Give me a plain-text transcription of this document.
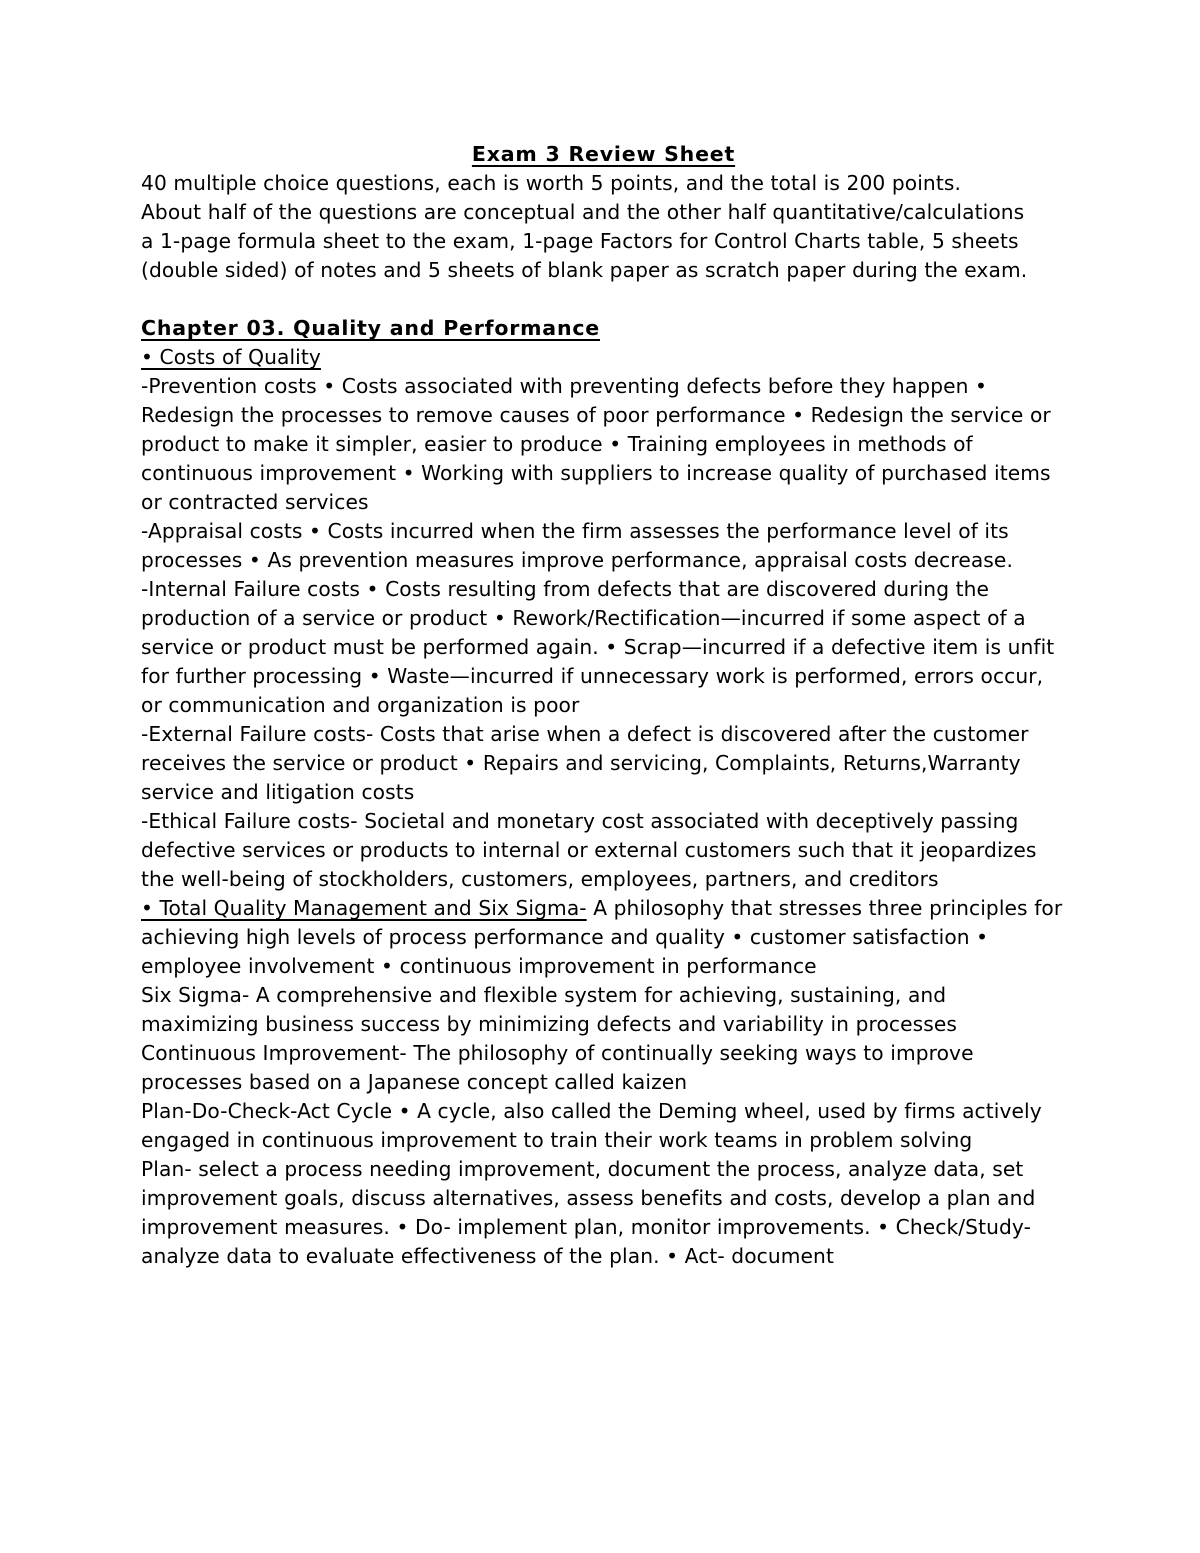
Exam 3 Review Sheet

40 multiple choice questions, each is worth 5 points, and the total is 200 points.

About half of the questions are conceptual and the other half quantitative/calculations

a 1-page formula sheet to the exam, 1-page Factors for Control Charts table, 5 sheets (double sided) of notes and 5 sheets of blank paper as scratch paper during the exam.

Chapter 03. Quality and Performance

• Costs of Quality

-Prevention costs • Costs associated with preventing defects before they happen • Redesign the processes to remove causes of poor performance • Redesign the service or product to make it simpler, easier to produce • Training employees in methods of continuous improvement • Working with suppliers to increase quality of purchased items or contracted services

-Appraisal costs • Costs incurred when the firm assesses the performance level of its processes • As prevention measures improve performance, appraisal costs decrease.

-Internal Failure costs • Costs resulting from defects that are discovered during the production of a service or product • Rework/Rectification—incurred if some aspect of a service or product must be performed again. • Scrap—incurred if a defective item is unfit for further processing • Waste—incurred if unnecessary work is performed, errors occur, or communication and organization is poor

-External Failure costs- Costs that arise when a defect is discovered after the customer receives the service or product • Repairs and servicing, Complaints, Returns,Warranty service and litigation costs

-Ethical Failure costs- Societal and monetary cost associated with deceptively passing defective services or products to internal or external customers such that it jeopardizes the well-being of stockholders, customers, employees, partners, and creditors

• Total Quality Management and Six Sigma- A philosophy that stresses three principles for achieving high levels of process performance and quality • customer satisfaction • employee involvement • continuous improvement in performance

Six Sigma- A comprehensive and flexible system for achieving, sustaining, and maximizing business success by minimizing defects and variability in processes

Continuous Improvement- The philosophy of continually seeking ways to improve processes based on a Japanese concept called kaizen

Plan-Do-Check-Act Cycle • A cycle, also called the Deming wheel, used by firms actively engaged in continuous improvement to train their work teams in problem solving

Plan- select a process needing improvement, document the process, analyze data, set improvement goals, discuss alternatives, assess benefits and costs, develop a plan and improvement measures. • Do- implement plan, monitor improvements. • Check/Study- analyze data to evaluate effectiveness of the plan. • Act- document
